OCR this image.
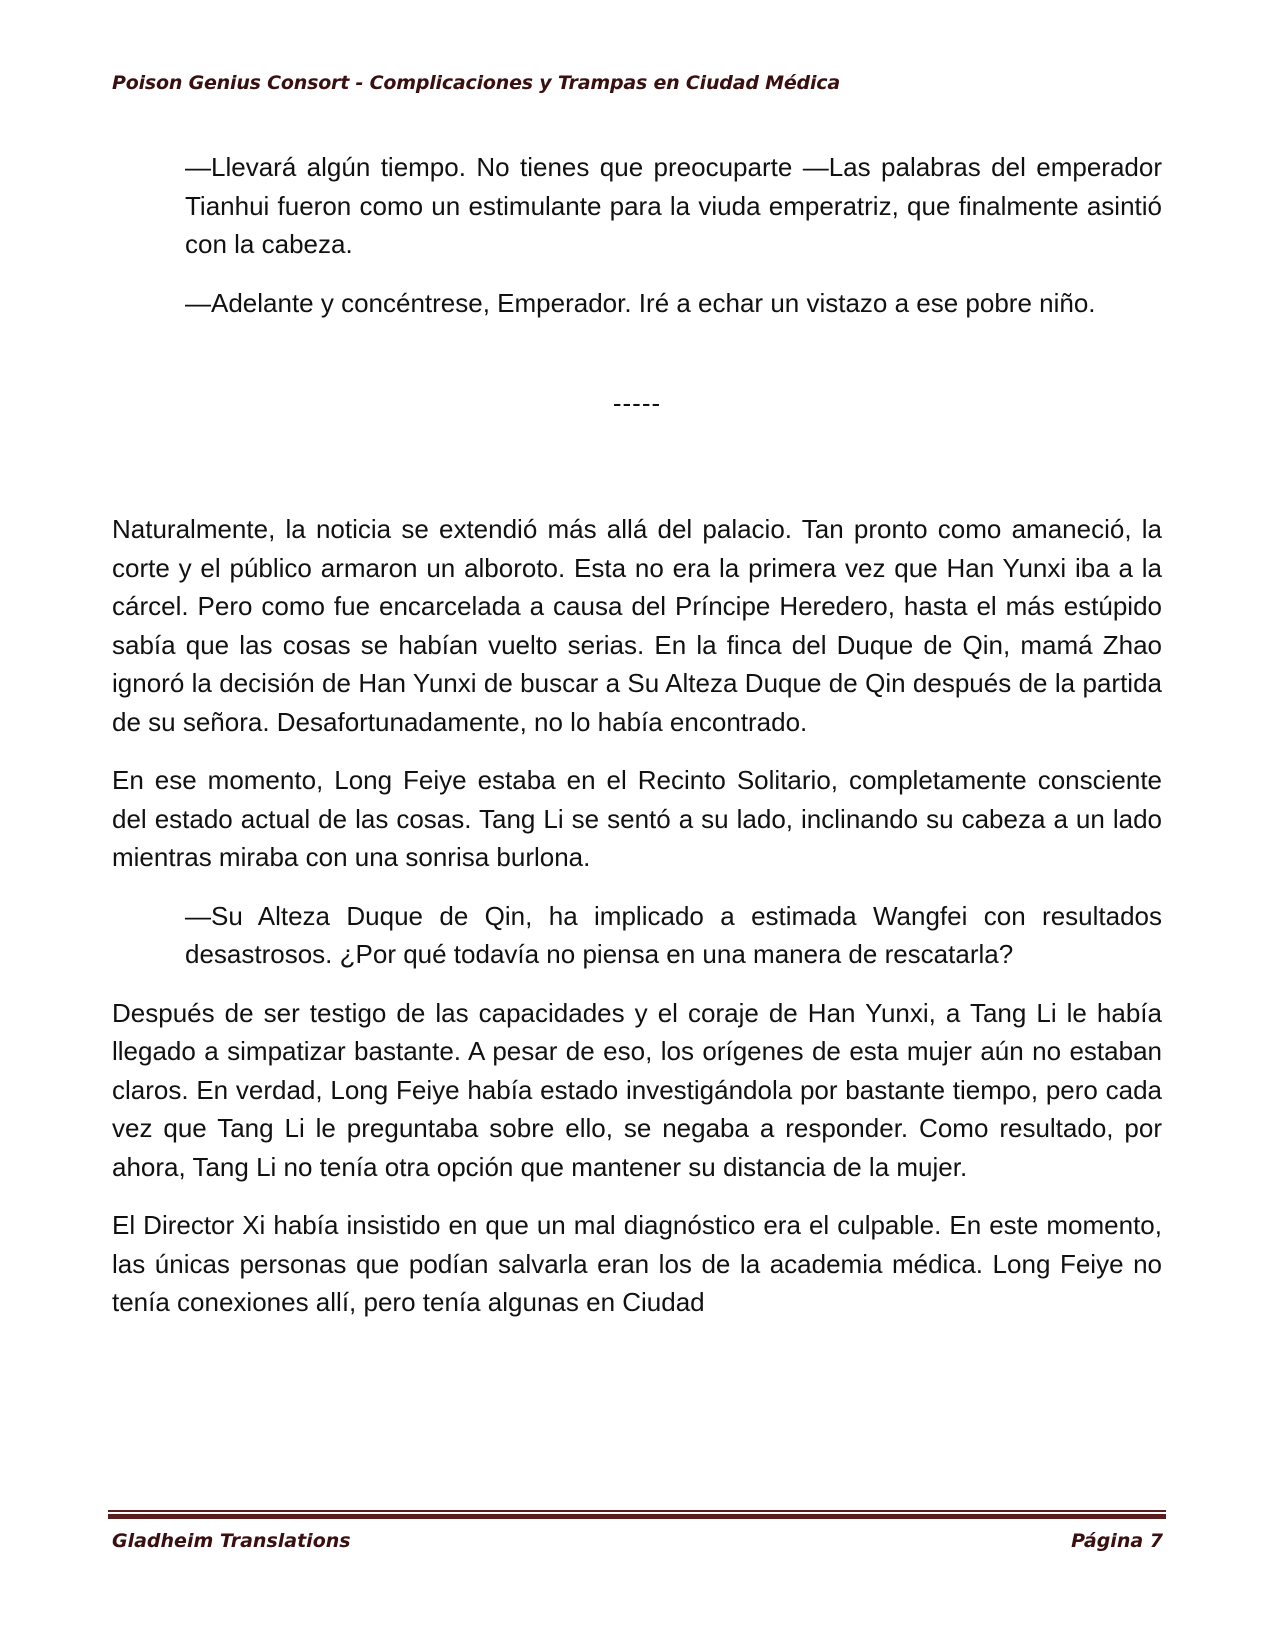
Poison Genius Consort - Complicaciones y Trampas en Ciudad Médica

—Llevará algún tiempo. No tienes que preocuparte —Las palabras del emperador Tianhui fueron como un estimulante para la viuda emperatriz, que finalmente asintió con la cabeza.

—Adelante y concéntrese, Emperador. Iré a echar un vistazo a ese pobre niño.

-----

Naturalmente, la noticia se extendió más allá del palacio. Tan pronto como amaneció, la corte y el público armaron un alboroto. Esta no era la primera vez que Han Yunxi iba a la cárcel. Pero como fue encarcelada a causa del Príncipe Heredero, hasta el más estúpido sabía que las cosas se habían vuelto serias. En la finca del Duque de Qin, mamá Zhao ignoró la decisión de Han Yunxi de buscar a Su Alteza Duque de Qin después de la partida de su señora. Desafortunadamente, no lo había encontrado.

En ese momento, Long Feiye estaba en el Recinto Solitario, completamente consciente del estado actual de las cosas. Tang Li se sentó a su lado, inclinando su cabeza a un lado mientras miraba con una sonrisa burlona.

—Su Alteza Duque de Qin, ha implicado a estimada Wangfei con resultados desastrosos. ¿Por qué todavía no piensa en una manera de rescatarla?

Después de ser testigo de las capacidades y el coraje de Han Yunxi, a Tang Li le había llegado a simpatizar bastante. A pesar de eso, los orígenes de esta mujer aún no estaban claros. En verdad, Long Feiye había estado investigándola por bastante tiempo, pero cada vez que Tang Li le preguntaba sobre ello, se negaba a responder. Como resultado, por ahora, Tang Li no tenía otra opción que mantener su distancia de la mujer.

El Director Xi había insistido en que un mal diagnóstico era el culpable. En este momento, las únicas personas que podían salvarla eran los de la academia médica. Long Feiye no tenía conexiones allí, pero tenía algunas en Ciudad

Gladheim Translations	Página 7
